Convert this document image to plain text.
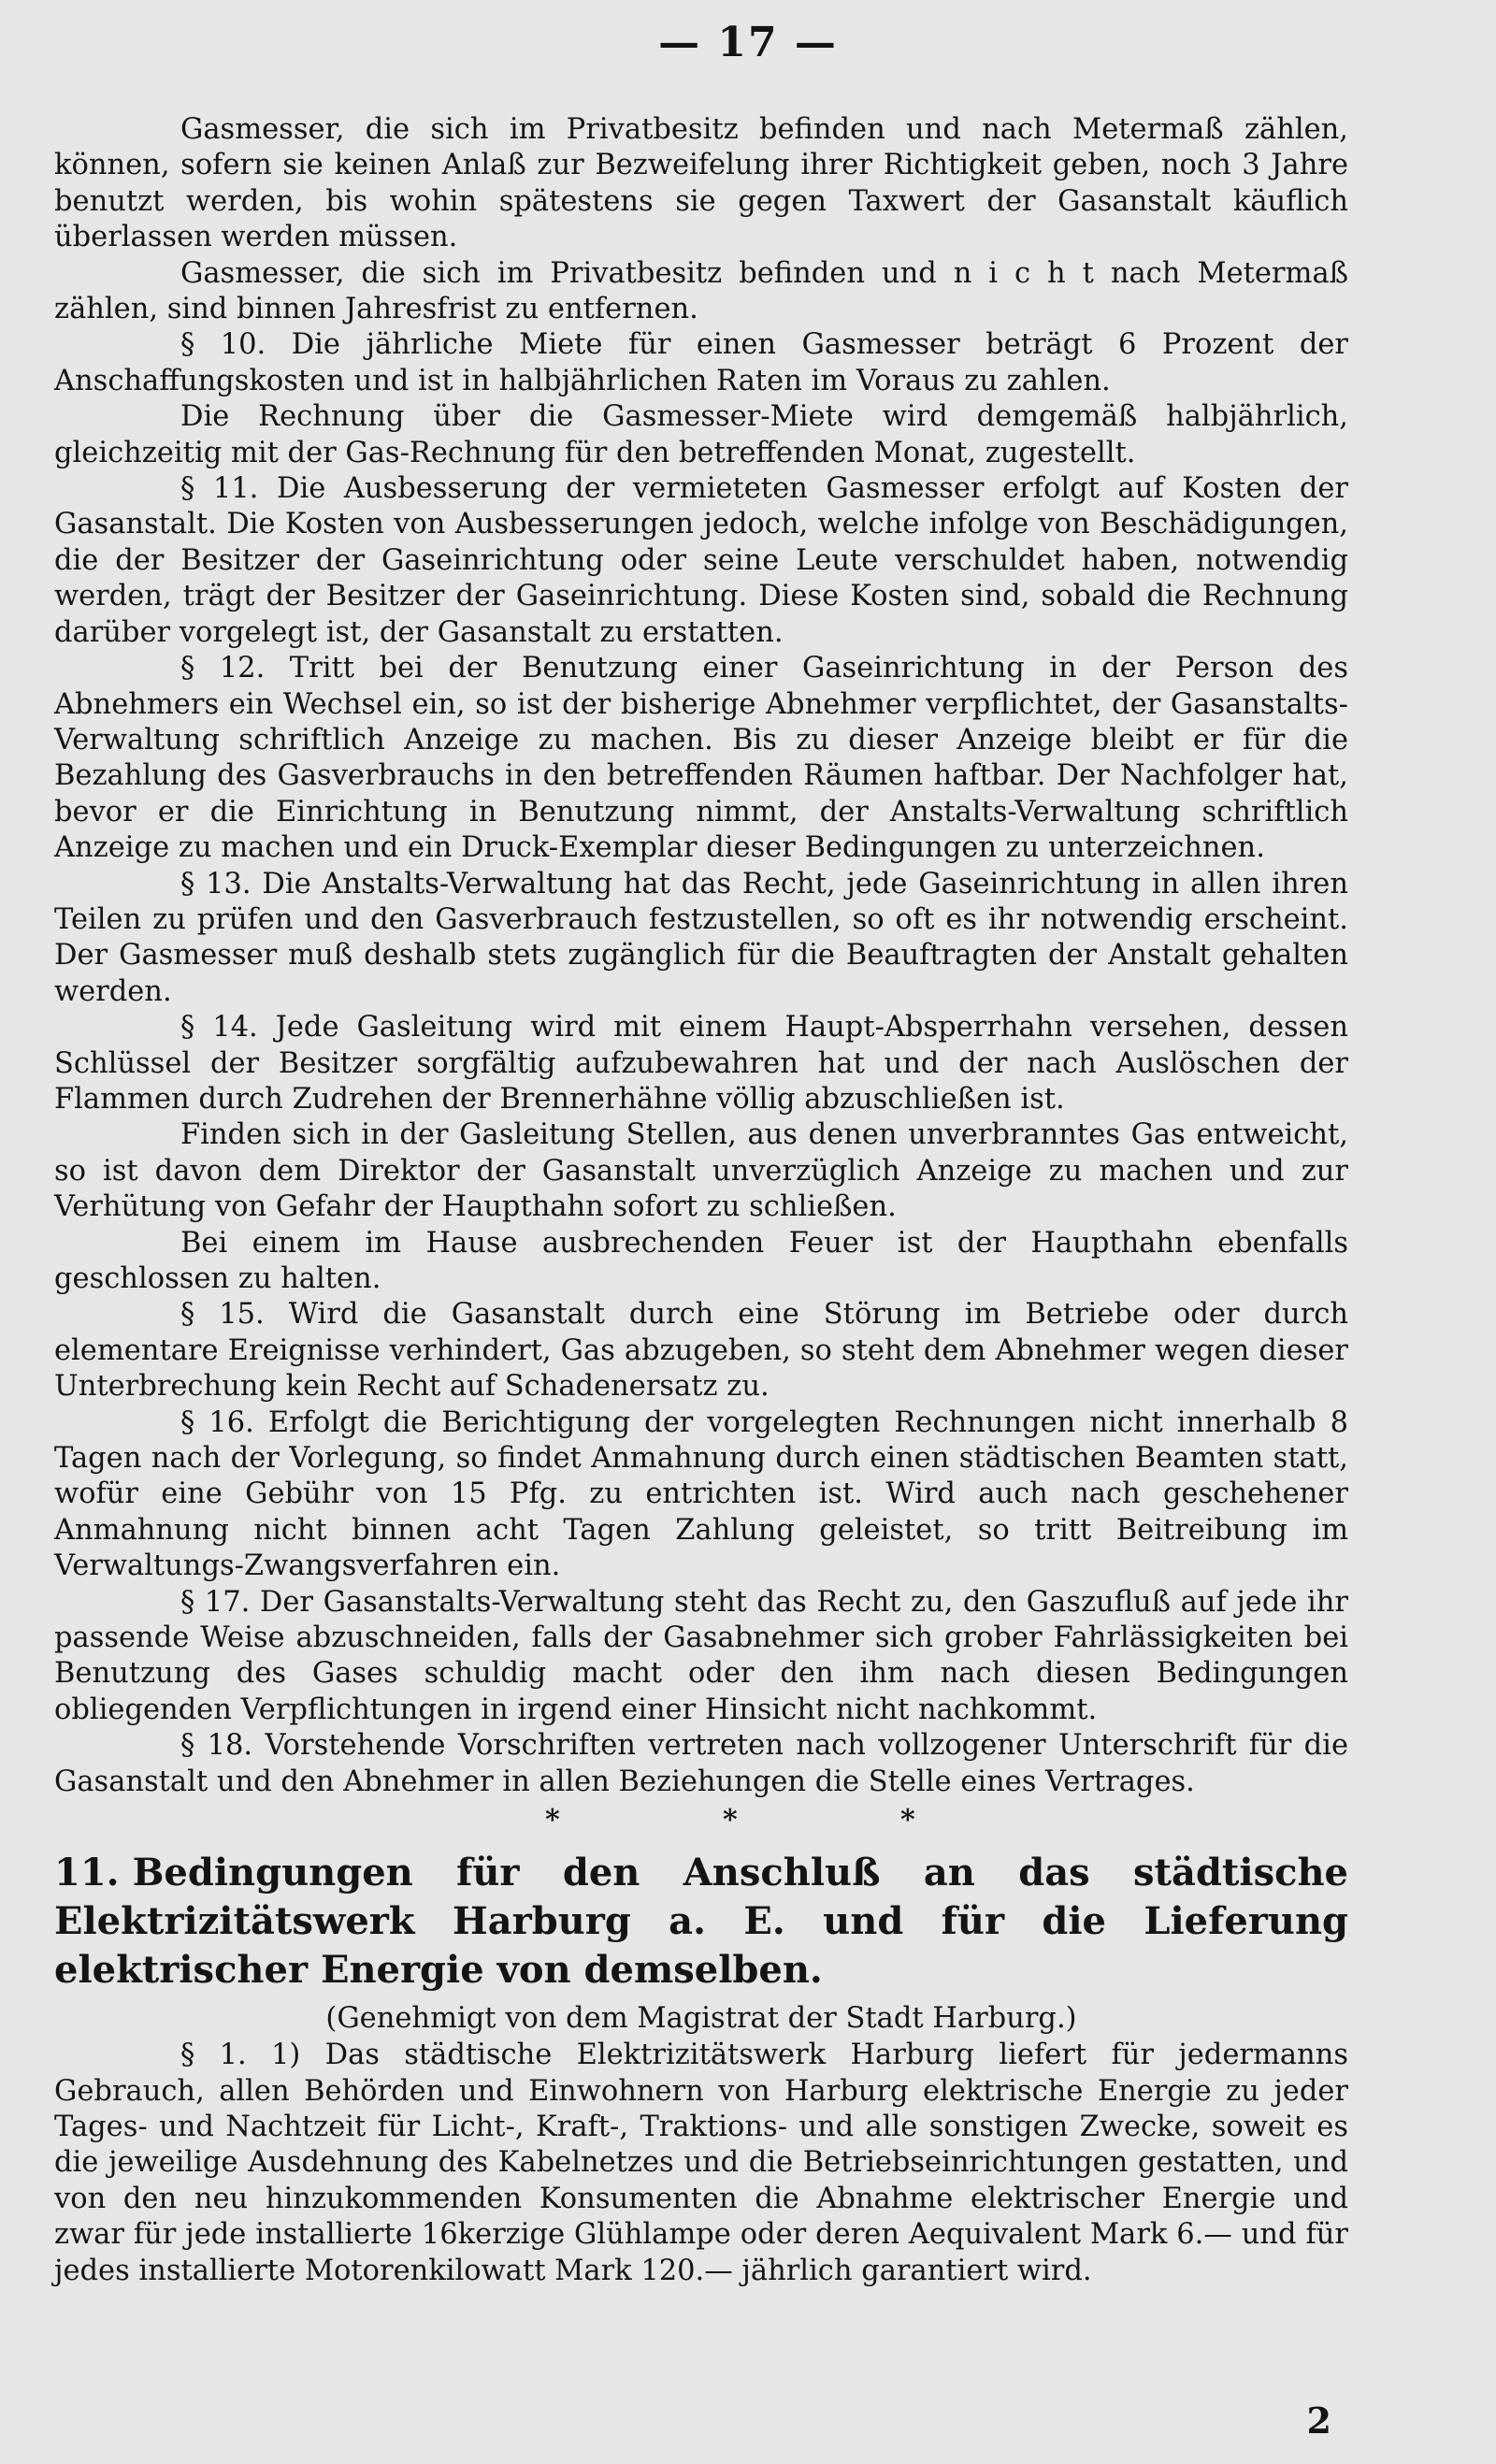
— 17 —

Gasmesser, die sich im Privatbesitz befinden und nach Metermaß zählen, können, sofern sie keinen Anlaß zur Bezweifelung ihrer Richtigkeit geben, noch 3 Jahre benutzt werden, bis wohin spätestens sie gegen Taxwert der Gasanstalt käuflich überlassen werden müssen.

Gasmesser, die sich im Privatbesitz befinden und n i c h t nach Metermaß zählen, sind binnen Jahresfrist zu entfernen.

§ 10. Die jährliche Miete für einen Gasmesser beträgt 6 Prozent der Anschaffungskosten und ist in halbjährlichen Raten im Voraus zu zahlen.

Die Rechnung über die Gasmesser-Miete wird demgemäß halbjährlich, gleichzeitig mit der Gas-Rechnung für den betreffenden Monat, zugestellt.

§ 11. Die Ausbesserung der vermieteten Gasmesser erfolgt auf Kosten der Gasanstalt. Die Kosten von Ausbesserungen jedoch, welche infolge von Beschädigungen, die der Besitzer der Gaseinrichtung oder seine Leute verschuldet haben, notwendig werden, trägt der Besitzer der Gaseinrichtung. Diese Kosten sind, sobald die Rechnung darüber vorgelegt ist, der Gasanstalt zu erstatten.

§ 12. Tritt bei der Benutzung einer Gaseinrichtung in der Person des Abnehmers ein Wechsel ein, so ist der bisherige Abnehmer verpflichtet, der Gasanstalts-Verwaltung schriftlich Anzeige zu machen. Bis zu dieser Anzeige bleibt er für die Bezahlung des Gasverbrauchs in den betreffenden Räumen haftbar. Der Nachfolger hat, bevor er die Einrichtung in Benutzung nimmt, der Anstalts-Verwaltung schriftlich Anzeige zu machen und ein Druck-Exemplar dieser Bedingungen zu unterzeichnen.

§ 13. Die Anstalts-Verwaltung hat das Recht, jede Gaseinrichtung in allen ihren Teilen zu prüfen und den Gasverbrauch festzustellen, so oft es ihr notwendig erscheint. Der Gasmesser muß deshalb stets zugänglich für die Beauftragten der Anstalt gehalten werden.

§ 14. Jede Gasleitung wird mit einem Haupt-Absperrhahn versehen, dessen Schlüssel der Besitzer sorgfältig aufzubewahren hat und der nach Auslöschen der Flammen durch Zudrehen der Brennerhähne völlig abzuschließen ist.

Finden sich in der Gasleitung Stellen, aus denen unverbranntes Gas entweicht, so ist davon dem Direktor der Gasanstalt unverzüglich Anzeige zu machen und zur Verhütung von Gefahr der Haupthahn sofort zu schließen.

Bei einem im Hause ausbrechenden Feuer ist der Haupthahn ebenfalls geschlossen zu halten.

§ 15. Wird die Gasanstalt durch eine Störung im Betriebe oder durch elementare Ereignisse verhindert, Gas abzugeben, so steht dem Abnehmer wegen dieser Unterbrechung kein Recht auf Schadenersatz zu.

§ 16. Erfolgt die Berichtigung der vorgelegten Rechnungen nicht innerhalb 8 Tagen nach der Vorlegung, so findet Anmahnung durch einen städtischen Beamten statt, wofür eine Gebühr von 15 Pfg. zu entrichten ist. Wird auch nach geschehener Anmahnung nicht binnen acht Tagen Zahlung geleistet, so tritt Beitreibung im Verwaltungs-Zwangsverfahren ein.

§ 17. Der Gasanstalts-Verwaltung steht das Recht zu, den Gaszufluß auf jede ihr passende Weise abzuschneiden, falls der Gasabnehmer sich grober Fahrlässigkeiten bei Benutzung des Gases schuldig macht oder den ihm nach diesen Bedingungen obliegenden Verpflichtungen in irgend einer Hinsicht nicht nachkommt.

§ 18. Vorstehende Vorschriften vertreten nach vollzogener Unterschrift für die Gasanstalt und den Abnehmer in allen Beziehungen die Stelle eines Vertrages.

*	*	*
11. Bedingungen für den Anschluß an das städtische Elektrizitätswerk Harburg a. E. und für die Lieferung elektrischer Energie von demselben.

(Genehmigt von dem Magistrat der Stadt Harburg.)

§ 1. 1) Das städtische Elektrizitätswerk Harburg liefert für jedermanns Gebrauch, allen Behörden und Einwohnern von Harburg elektrische Energie zu jeder Tages- und Nachtzeit für Licht-, Kraft-, Traktions- und alle sonstigen Zwecke, soweit es die jeweilige Ausdehnung des Kabelnetzes und die Betriebseinrichtungen gestatten, und von den neu hinzukommenden Konsumenten die Abnahme elektrischer Energie und zwar für jede installierte 16kerzige Glühlampe oder deren Aequivalent Mark 6.— und für jedes installierte Motorenkilowatt Mark 120.— jährlich garantiert wird.

2
